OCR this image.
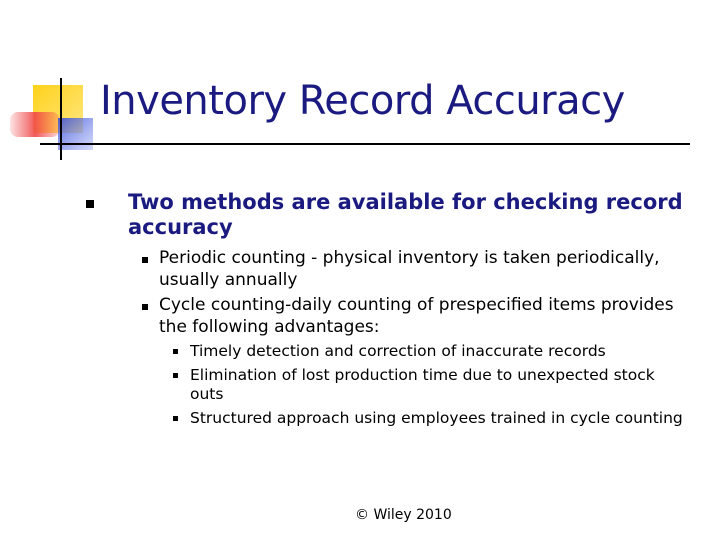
Inventory Record Accuracy
Two methods are available for checking record accuracy
Periodic counting - physical inventory is taken periodically, usually annually
Cycle counting-daily counting of prespecified items provides the following advantages:
Timely detection and correction of inaccurate records
Elimination of lost production time due to unexpected stock outs
Structured approach using employees trained in cycle counting
© Wiley 2010
